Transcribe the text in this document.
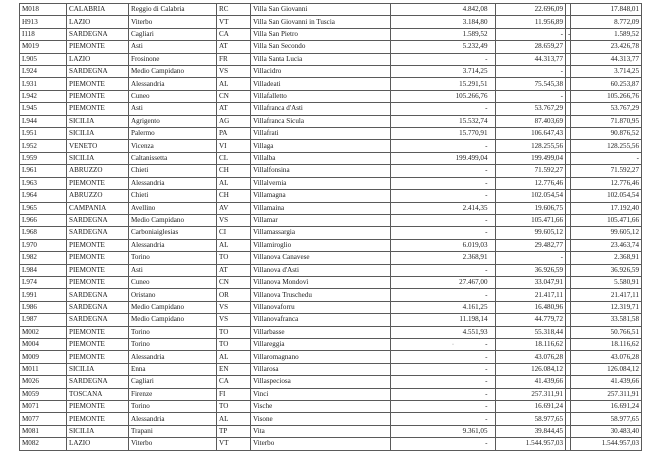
M018	CALABRIA	Reggio di Calabria	RC	Villa San Giovanni	4.842,08		22.696,09		17.848,01
H913	LAZIO	Viterbo	VT	Villa San Giovanni in Tuscia	3.184,80		11.956,89		8.772,09
I118	SARDEGNA	Cagliari	CA	Villa San Pietro	1.589,52		-	-	1.589,52
M019	PIEMONTE	Asti	AT	Villa San Secondo	5.232,49		28.659,27		23.426,78
L905	LAZIO	Frosinone	FR	Villa Santa Lucia	-		44.313,77		44.313,77
L924	SARDEGNA	Medio Campidano	VS	Villacidro	3.714,25		-		3.714,25
L931	PIEMONTE	Alessandria	AL	Villadeati	15.291,51		75.545,38		60.253,87
L942	PIEMONTE	Cuneo	CN	Villafalletto	105.266,76		-		105.266,76
L945	PIEMONTE	Asti	AT	Villafranca d'Asti	-		53.767,29		53.767,29
L944	SICILIA	Agrigento	AG	Villafranca Sicula	15.532,74		87.403,69		71.870,95
L951	SICILIA	Palermo	PA	Villafrati	15.770,91		106.647,43		90.876,52
L952	VENETO	Vicenza	VI	Villaga	-		128.255,56		128.255,56
L959	SICILIA	Caltanissetta	CL	Villalba	199.499,04		199.499,04		-
L961	ABRUZZO	Chieti	CH	Villalfonsina	-		71.592,27		71.592,27
L963	PIEMONTE	Alessandria	AL	Villalvernia	-		12.776,46		12.776,46
L964	ABRUZZO	Chieti	CH	Villamagna	-		102.054,54		102.054,54
L965	CAMPANIA	Avellino	AV	Villamaina	2.414,35		19.606,75		17.192,40
L966	SARDEGNA	Medio Campidano	VS	Villamar	-		105.471,66		105.471,66
L968	SARDEGNA	Carboniaiglesias	CI	Villamassargia	-		99.605,12		99.605,12
L970	PIEMONTE	Alessandria	AL	Villamiroglio	6.019,03		29.482,77		23.463,74
L982	PIEMONTE	Torino	TO	Villanova Canavese	2.368,91		-		2.368,91
L984	PIEMONTE	Asti	AT	Villanova d'Asti	-		36.926,59		36.926,59
L974	PIEMONTE	Cuneo	CN	Villanova Mondovì	27.467,00		33.047,91		5.580,91
L991	SARDEGNA	Oristano	OR	Villanova Truschedu	-		21.417,11		21.417,11
L986	SARDEGNA	Medio Campidano	VS	Villanovaforru	4.161,25		16.480,96		12.319,71
L987	SARDEGNA	Medio Campidano	VS	Villanovafranca	11.198,14		44.779,72		33.581,58
M002	PIEMONTE	Torino	TO	Villarbasse	4.551,93		55.318,44		50.766,51
M004	PIEMONTE	Torino	TO	Villareggia	-		18.116,62		18.116,62
M009	PIEMONTE	Alessandria	AL	Villaromagnano	-		43.076,28		43.076,28
M011	SICILIA	Enna	EN	Villarosa	-		126.084,12		126.084,12
M026	SARDEGNA	Cagliari	CA	Villaspeciosa	-		41.439,66		41.439,66
M059	TOSCANA	Firenze	FI	Vinci	-		257.311,91		257.311,91
M071	PIEMONTE	Torino	TO	Vische	-		16.691,24		16.691,24
M077	PIEMONTE	Alessandria	AL	Visone	-		58.977,65		58.977,65
M081	SICILIA	Trapani	TP	Vita	9.361,05		39.844,45		30.483,40
M082	LAZIO	Viterbo	VT	Viterbo	-		1.544.957,03		1.544.957,03
·
·
